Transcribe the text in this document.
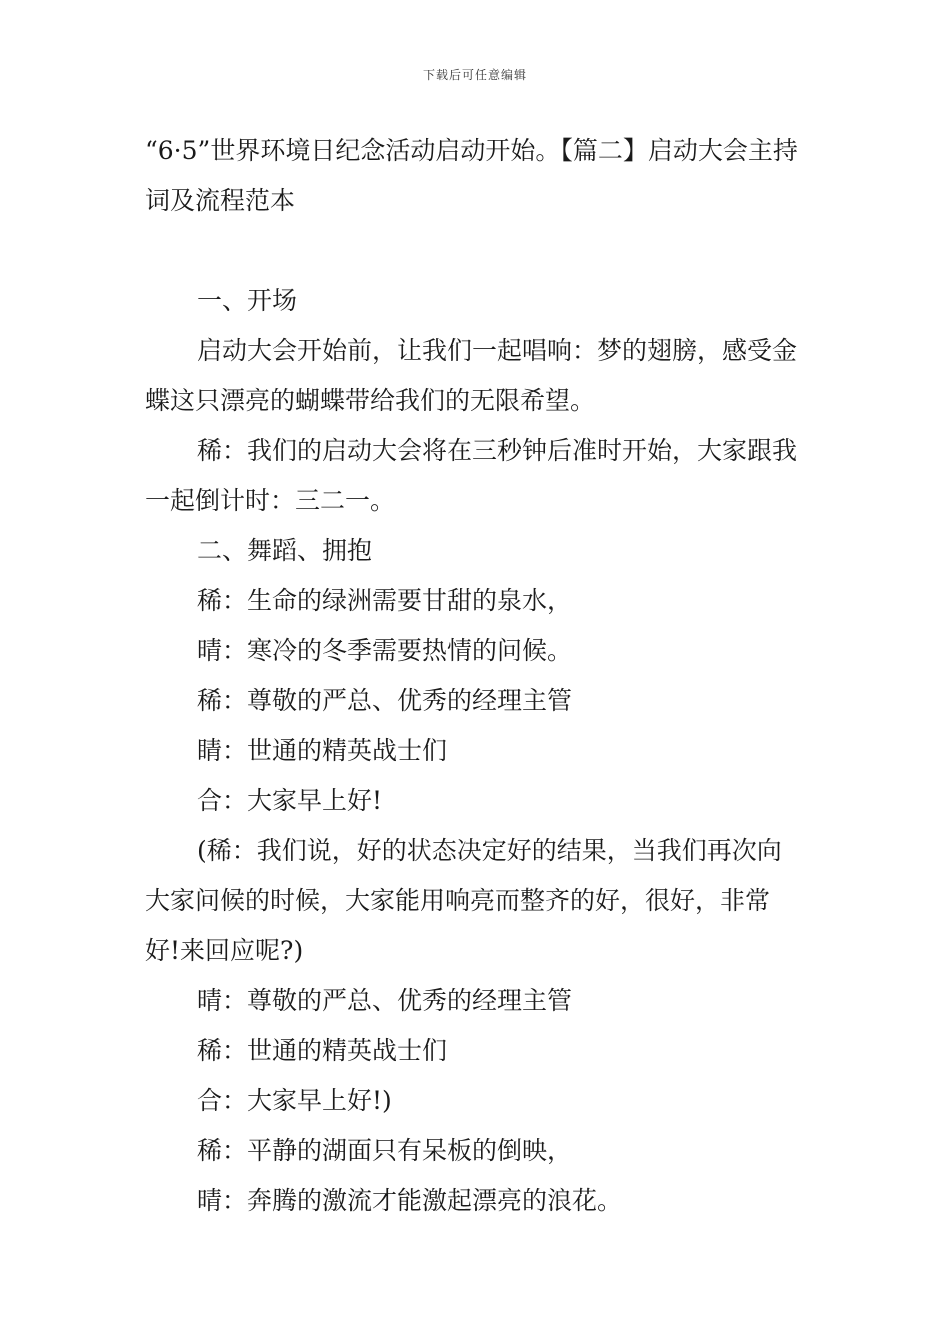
下载后可任意编辑

“6·5”世界环境日纪念活动启动开始。【篇二】启动大会主持词及流程范本

一、开场

启动大会开始前，让我们一起唱响：梦的翅膀，感受金蝶这只漂亮的蝴蝶带给我们的无限希望。

稀：我们的启动大会将在三秒钟后准时开始，大家跟我一起倒计时：三二一。

二、舞蹈、拥抱

稀：生命的绿洲需要甘甜的泉水，

晴：寒冷的冬季需要热情的问候。

稀：尊敬的严总、优秀的经理主管

睛：世通的精英战士们

合：大家早上好!

(稀：我们说，好的状态决定好的结果，当我们再次向大家问候的时候，大家能用响亮而整齐的好，很好，非常好!来回应呢?)

晴：尊敬的严总、优秀的经理主管

稀：世通的精英战士们

合：大家早上好!)

稀：平静的湖面只有呆板的倒映，

晴：奔腾的激流才能激起漂亮的浪花。
